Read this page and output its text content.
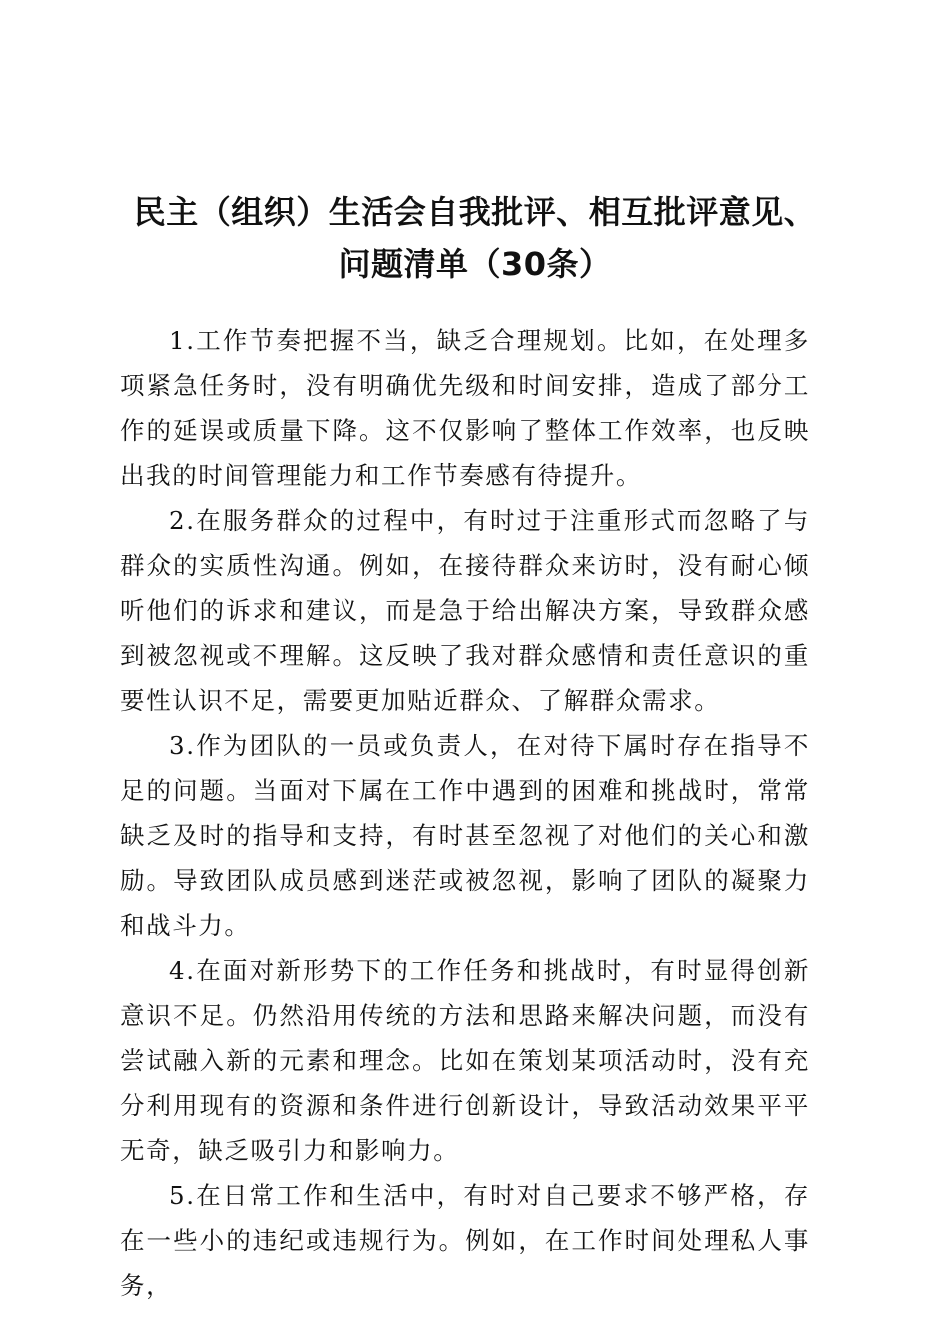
民主（组织）生活会自我批评、相互批评意见、
问题清单（30条）

1.工作节奏把握不当，缺乏合理规划。比如，在处理多项紧急任务时，没有明确优先级和时间安排，造成了部分工作的延误或质量下降。这不仅影响了整体工作效率，也反映出我的时间管理能力和工作节奏感有待提升。

2.在服务群众的过程中，有时过于注重形式而忽略了与群众的实质性沟通。例如，在接待群众来访时，没有耐心倾听他们的诉求和建议，而是急于给出解决方案，导致群众感到被忽视或不理解。这反映了我对群众感情和责任意识的重要性认识不足，需要更加贴近群众、了解群众需求。

3.作为团队的一员或负责人，在对待下属时存在指导不足的问题。当面对下属在工作中遇到的困难和挑战时，常常缺乏及时的指导和支持，有时甚至忽视了对他们的关心和激励。导致团队成员感到迷茫或被忽视，影响了团队的凝聚力和战斗力。

4.在面对新形势下的工作任务和挑战时，有时显得创新意识不足。仍然沿用传统的方法和思路来解决问题，而没有尝试融入新的元素和理念。比如在策划某项活动时，没有充分利用现有的资源和条件进行创新设计，导致活动效果平平无奇，缺乏吸引力和影响力。

5.在日常工作和生活中，有时对自己要求不够严格，存在一些小的违纪或违规行为。例如，在工作时间处理私人事务，
